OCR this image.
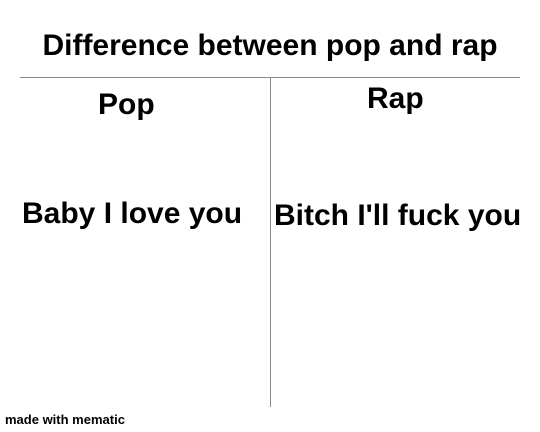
Difference between pop and rap
Pop	Rap
Baby I love you Bitch I'll fuck you
made with mematic
